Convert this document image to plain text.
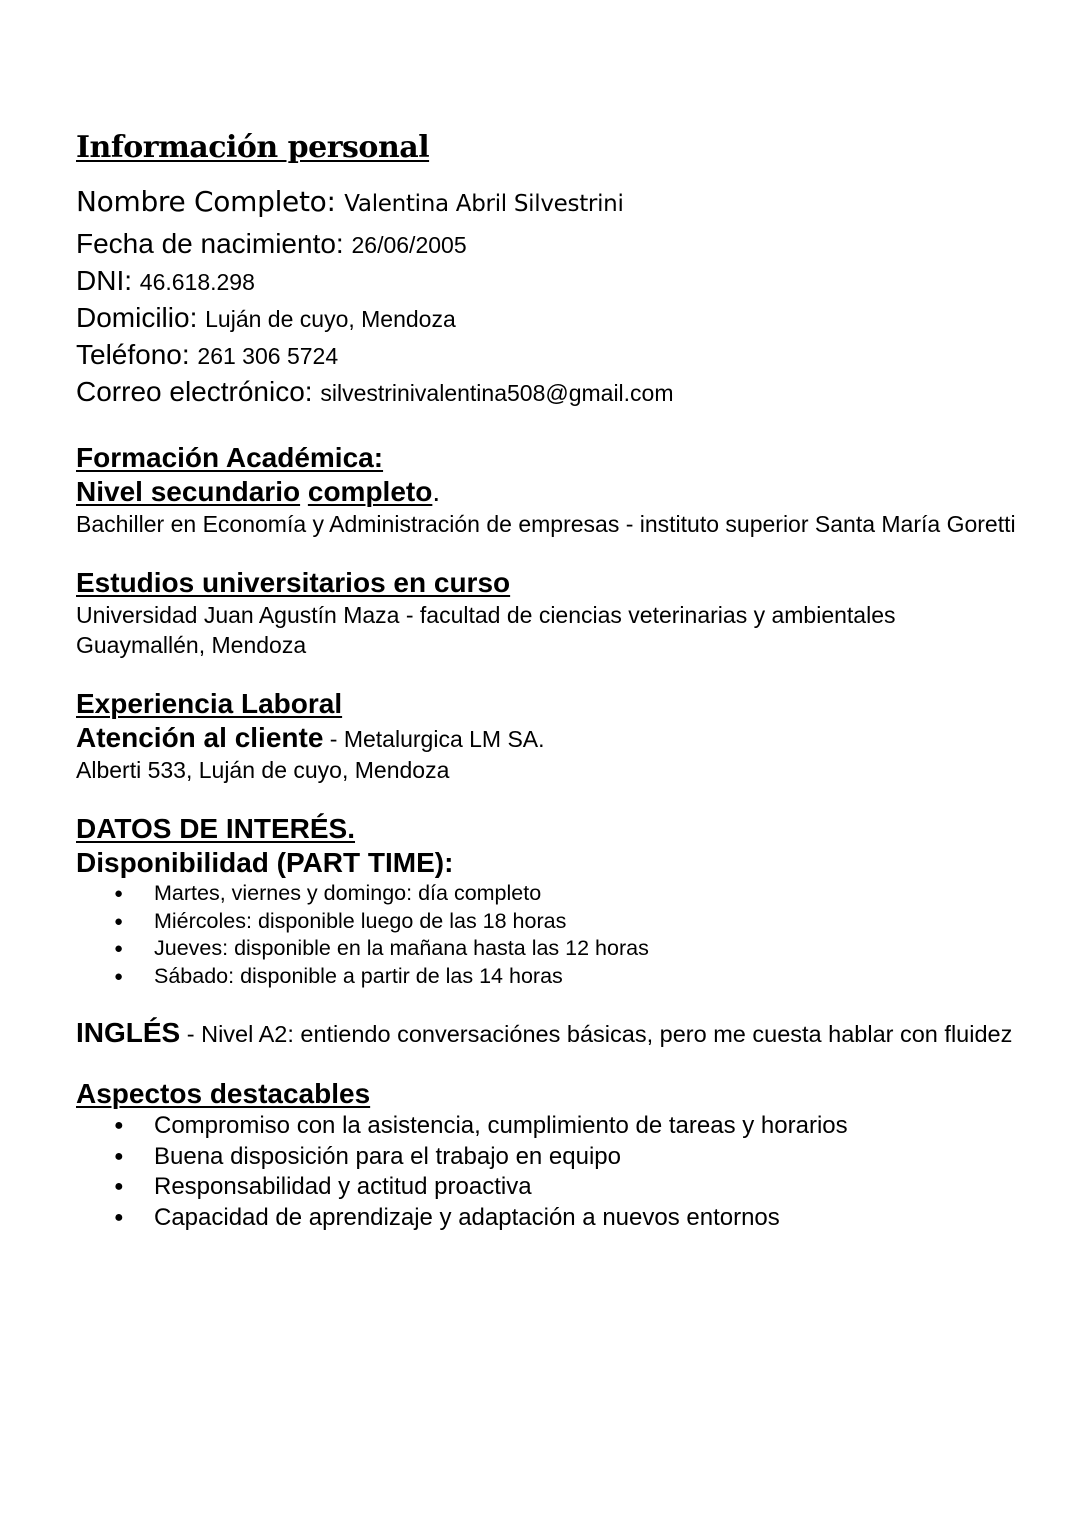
Información personal
Nombre Completo: Valentina Abril Silvestrini
Fecha de nacimiento: 26/06/2005
DNI: 46.618.298
Domicilio: Luján de cuyo, Mendoza
Teléfono: 261 306 5724
Correo electrónico: silvestrinivalentina508@gmail.com
Formación Académica:
Nivel secundario completo.
Bachiller en Economía y Administración de empresas - instituto superior Santa María Goretti
Estudios universitarios en curso
Universidad Juan Agustín Maza - facultad de ciencias veterinarias y ambientales
Guaymallén, Mendoza
Experiencia Laboral
Atención al cliente - Metalurgica LM SA.
Alberti 533, Luján de cuyo, Mendoza
DATOS DE INTERÉS.
Disponibilidad (PART TIME):
● Martes, viernes y domingo: día completo
● Miércoles: disponible luego de las 18 horas
● Jueves: disponible en la mañana hasta las 12 horas
● Sábado: disponible a partir de las 14 horas
INGLÉS - Nivel A2: entiendo conversaciónes básicas, pero me cuesta hablar con fluidez
Aspectos destacables
● Compromiso con la asistencia, cumplimiento de tareas y horarios
● Buena disposición para el trabajo en equipo
● Responsabilidad y actitud proactiva
● Capacidad de aprendizaje y adaptación a nuevos entornos
